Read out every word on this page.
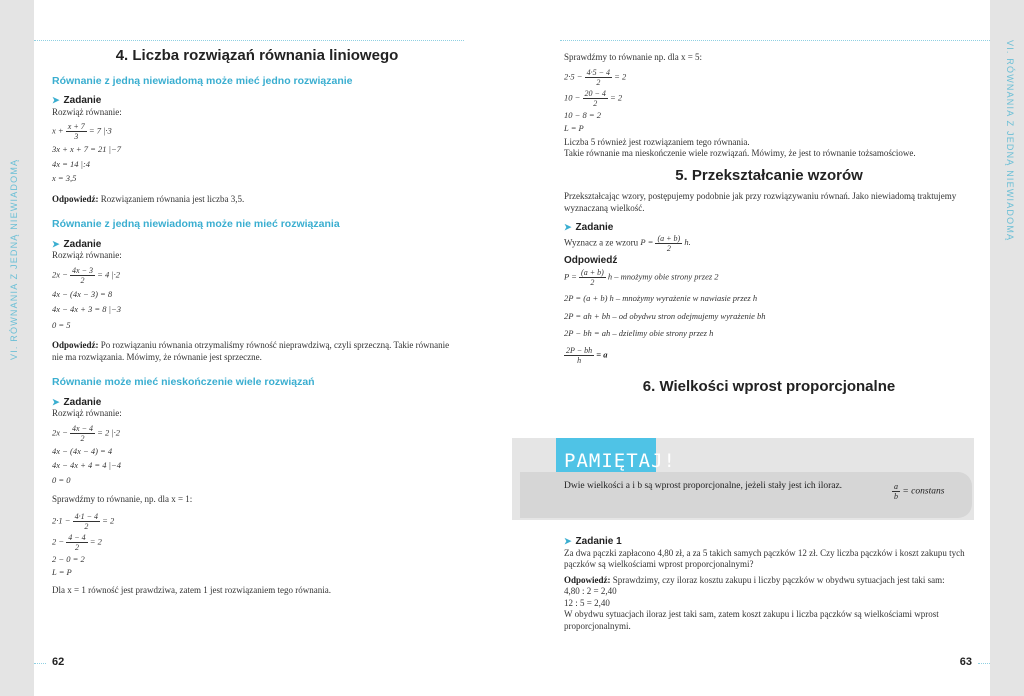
VI. RÓWNANIA Z JEDNĄ NIEWIADOMĄ
VI. RÓWNANIA Z JEDNĄ NIEWIADOMĄ
4. Liczba rozwiązań równania liniowego
Równanie z jedną niewiadomą może mieć jedno rozwiązanie
➤ Zadanie

Rozwiąż równanie:

$x + \frac{x + 7}{3} = 7$ |·3
3x + x + 7 = 21 |−7
4x = 14 |:4
x = 3,5

Odpowiedź: Rozwiązaniem równania jest liczba 3,5.

Równanie z jedną niewiadomą może nie mieć rozwiązania
➤ Zadanie

Rozwiąż równanie:

$2x - \frac{4x - 3}{2} = 4$ |·2
4x − (4x − 3) = 8
4x − 4x + 3 = 8 |−3
0 = 5

Odpowiedź: Po rozwiązaniu równania otrzymaliśmy równość nieprawdziwą, czyli sprzeczną. Takie równanie nie ma rozwiązania. Mówimy, że równanie jest sprzeczne.

Równanie może mieć nieskończenie wiele rozwiązań
➤ Zadanie

Rozwiąż równanie:

$2x - \frac{4x - 4}{2} = 2$ |·2
4x − (4x − 4) = 4
4x − 4x + 4 = 4 |−4
0 = 0

Sprawdźmy to równanie, np. dla x = 1:

$2\cdot 1 - \frac{4\cdot 1 - 4}{2} = 2$
$2 - \frac{4 - 4}{2} = 2$
2 − 0 = 2
L = P

Dla x = 1 równość jest prawdziwa, zatem 1 jest rozwiązaniem tego równania.

62

Sprawdźmy to równanie np. dla x = 5:

$2\cdot 5 - \frac{4\cdot 5 - 4}{2} = 2$
$10 - \frac{20 - 4}{2} = 2$
10 − 8 = 2
L = P

Liczba 5 również jest rozwiązaniem tego równania.

Takie równanie ma nieskończenie wiele rozwiązań. Mówimy, że jest to równanie tożsamościowe.

5. Przekształcanie wzorów

Przekształcając wzory, postępujemy podobnie jak przy rozwiązywaniu równań. Jako niewiadomą traktujemy wyznaczaną wielkość.

➤ Zadanie
Wyznacz a ze wzoru $P = \frac{(a + b)}{2} h$.
Odpowiedź
$P = \frac{(a + b)}{2}$ h – mnożymy obie strony przez 2
2P = (a + b) h – mnożymy wyrażenie w nawiasie przez h
2P = ah + bh – od obydwu stron odejmujemy wyrażenie bh
2P − bh = ah – dzielimy obie strony przez h
$\frac{2P - bh}{h} = a$
6. Wielkości wprost proporcjonalne
PAMIĘTAJ!
Dwie wielkości a i b są wprost proporcjonalne, jeżeli stały jest ich iloraz.	$\frac{a}{b}$ = constans
➤ Zadanie 1

Za dwa pączki zapłacono 4,80 zł, a za 5 takich samych pączków 12 zł. Czy liczba pączków i koszt zakupu tych pączków są wielkościami wprost proporcjonalnymi?

Odpowiedź: Sprawdzimy, czy iloraz kosztu zakupu i liczby pączków w obydwu sytuacjach jest taki sam:

4,80 : 2 = 2,40

12 : 5 = 2,40

W obydwu sytuacjach iloraz jest taki sam, zatem koszt zakupu i liczba pączków są wielkościami wprost proporcjonalnymi.

63
